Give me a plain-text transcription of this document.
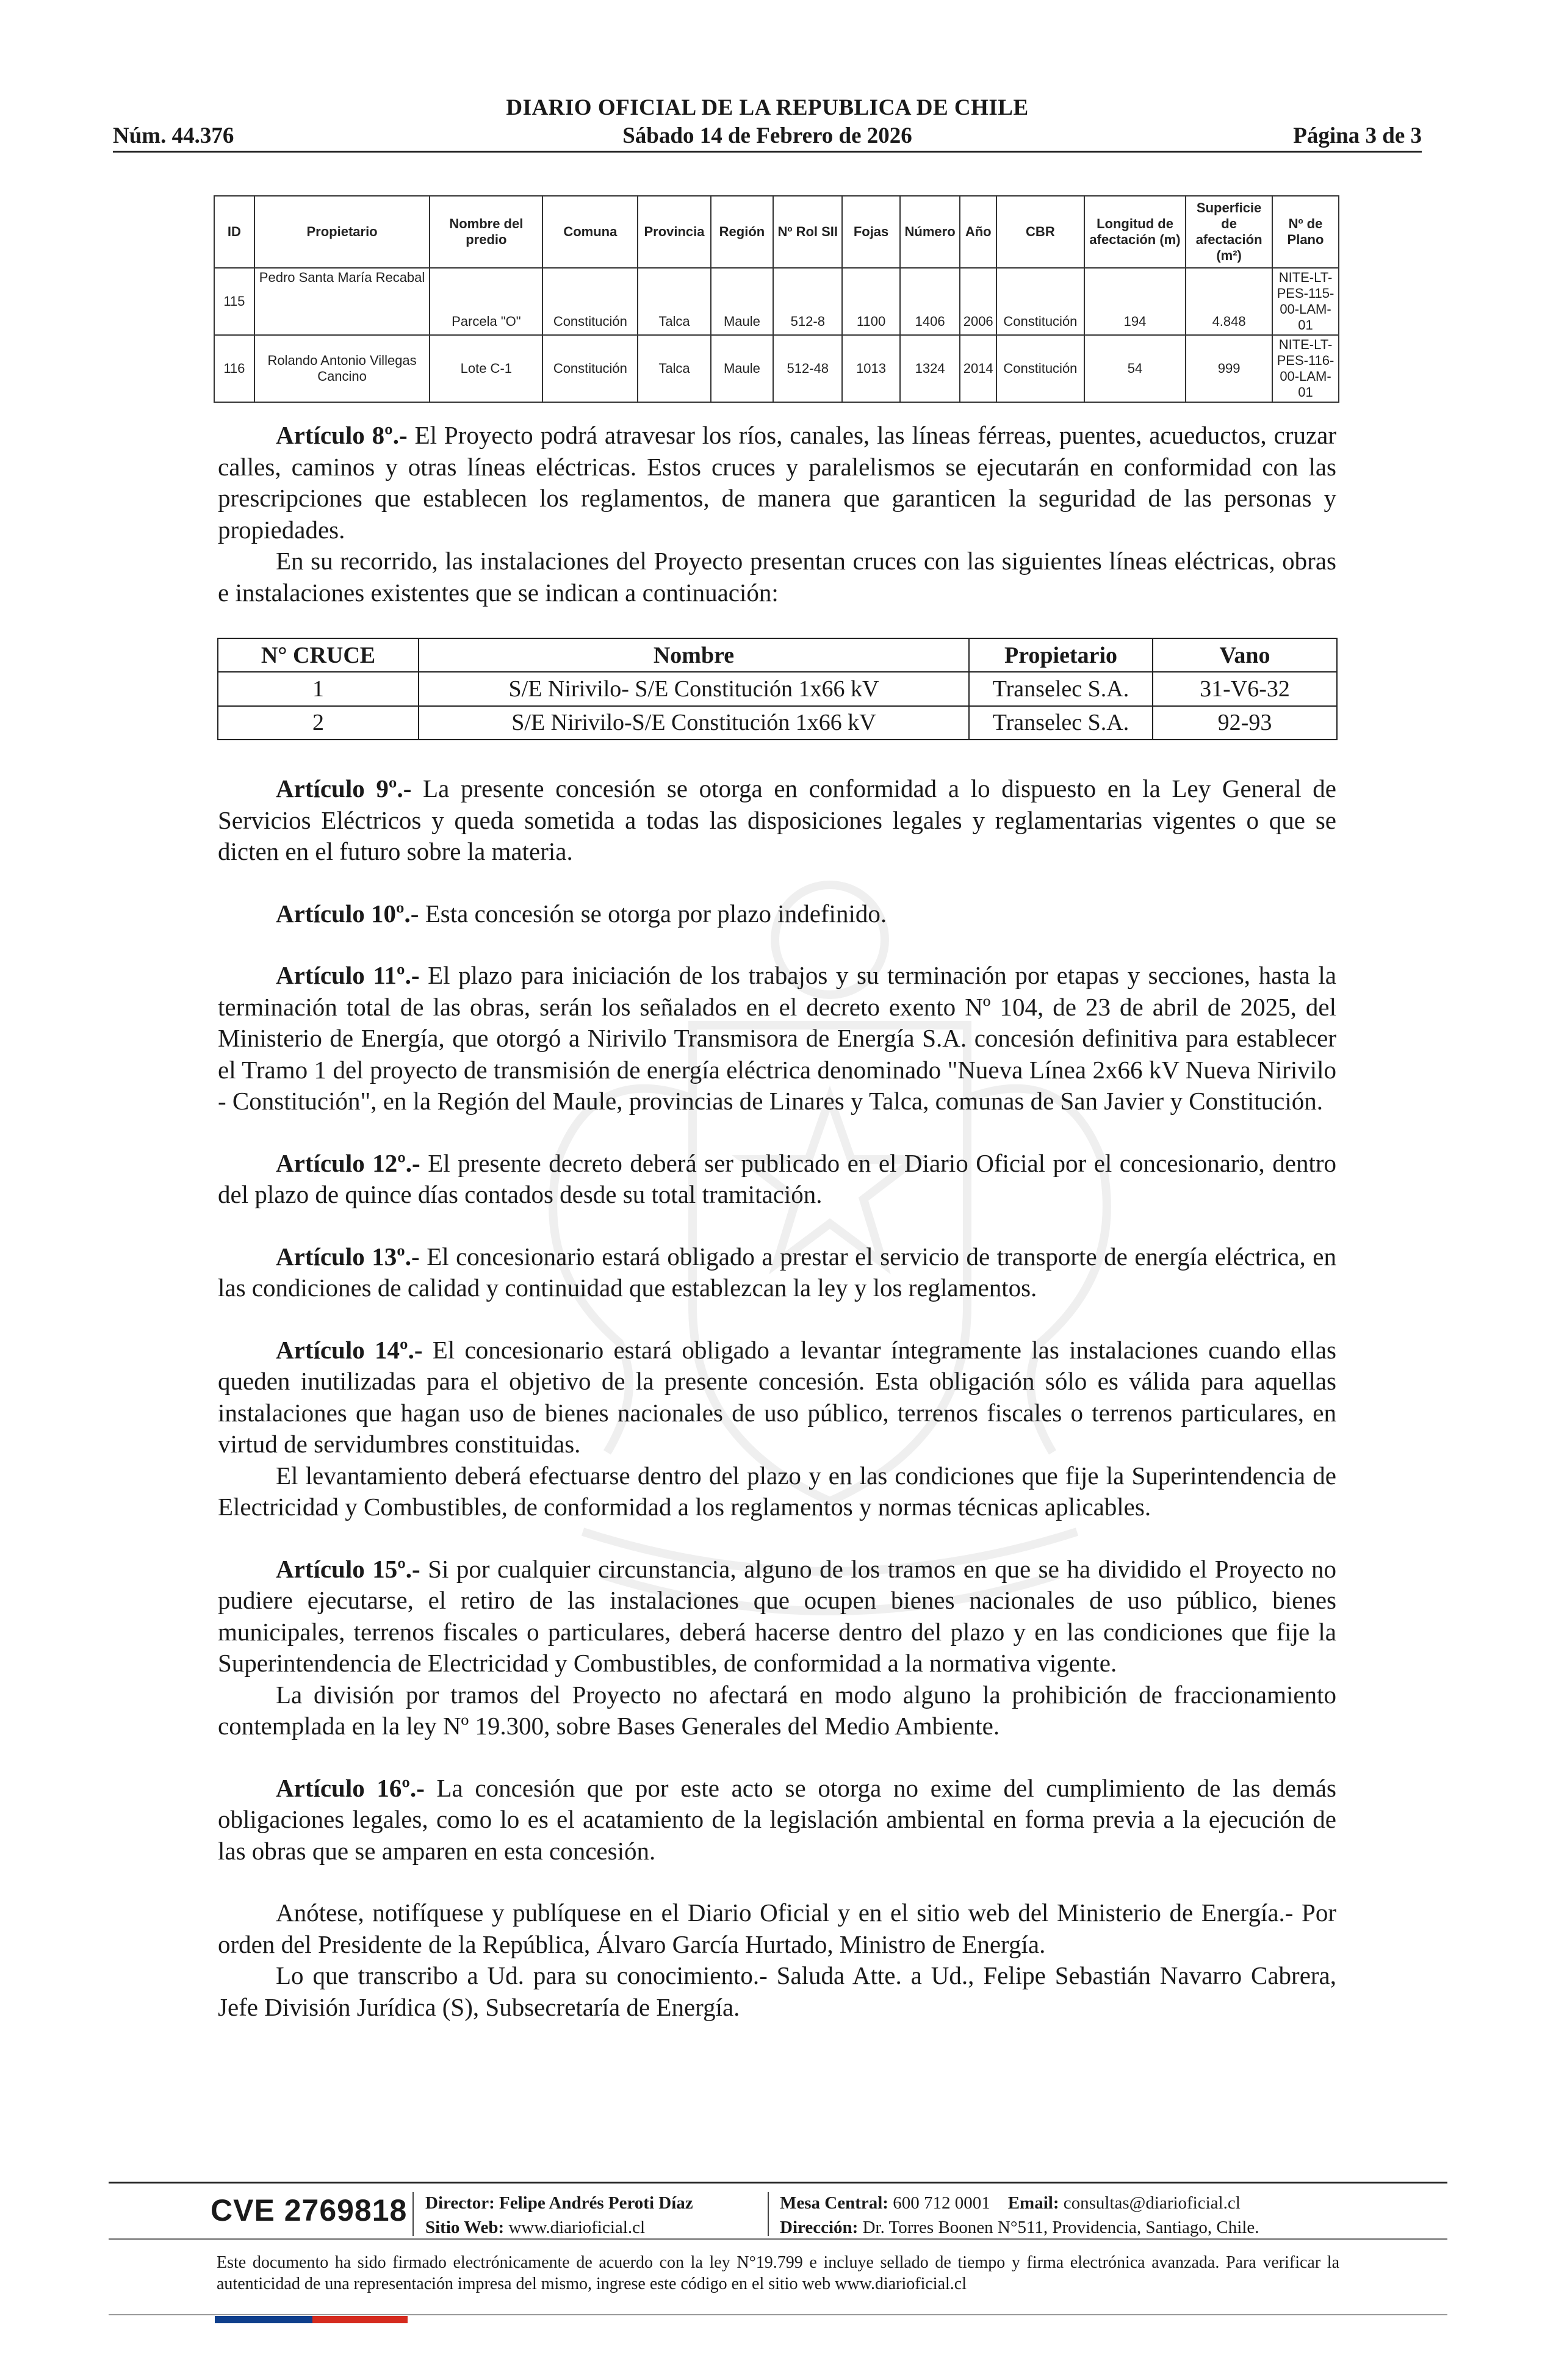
DIARIO OFICIAL DE LA REPUBLICA DE CHILE
Núm. 44.376	Sábado 14 de Febrero de 2026	Página 3 de 3
ID	Propietario	Nombre del predio	Comuna	Provincia	Región	Nº Rol SII	Fojas	Número	Año	CBR	Longitud de afectación (m)	Superficie de afectación (m²)	Nº de Plano
115	Pedro Santa María Recabal	Parcela "O"	Constitución	Talca	Maule	512-8	1100	1406	2006	Constitución	194	4.848	NITE-LT-PES-115-00-LAM-01
116	Rolando Antonio Villegas Cancino	Lote C-1	Constitución	Talca	Maule	512-48	1013	1324	2014	Constitución	54	999	NITE-LT-PES-116-00-LAM-01

Artículo 8º.- El Proyecto podrá atravesar los ríos, canales, las líneas férreas, puentes, acueductos, cruzar calles, caminos y otras líneas eléctricas. Estos cruces y paralelismos se ejecutarán en conformidad con las prescripciones que establecen los reglamentos, de manera que garanticen la seguridad de las personas y propiedades.

En su recorrido, las instalaciones del Proyecto presentan cruces con las siguientes líneas eléctricas, obras e instalaciones existentes que se indican a continuación:

N° CRUCE	Nombre	Propietario	Vano
1	S/E Nirivilo- S/E Constitución 1x66 kV	Transelec S.A.	31-V6-32
2	S/E Nirivilo-S/E Constitución 1x66 kV	Transelec S.A.	92-93

Artículo 9º.- La presente concesión se otorga en conformidad a lo dispuesto en la Ley General de Servicios Eléctricos y queda sometida a todas las disposiciones legales y reglamentarias vigentes o que se dicten en el futuro sobre la materia.

Artículo 10º.- Esta concesión se otorga por plazo indefinido.

Artículo 11º.- El plazo para iniciación de los trabajos y su terminación por etapas y secciones, hasta la terminación total de las obras, serán los señalados en el decreto exento Nº 104, de 23 de abril de 2025, del Ministerio de Energía, que otorgó a Nirivilo Transmisora de Energía S.A. concesión definitiva para establecer el Tramo 1 del proyecto de transmisión de energía eléctrica denominado "Nueva Línea 2x66 kV Nueva Nirivilo - Constitución", en la Región del Maule, provincias de Linares y Talca, comunas de San Javier y Constitución.

Artículo 12º.- El presente decreto deberá ser publicado en el Diario Oficial por el concesionario, dentro del plazo de quince días contados desde su total tramitación.

Artículo 13º.- El concesionario estará obligado a prestar el servicio de transporte de energía eléctrica, en las condiciones de calidad y continuidad que establezcan la ley y los reglamentos.

Artículo 14º.- El concesionario estará obligado a levantar íntegramente las instalaciones cuando ellas queden inutilizadas para el objetivo de la presente concesión. Esta obligación sólo es válida para aquellas instalaciones que hagan uso de bienes nacionales de uso público, terrenos fiscales o terrenos particulares, en virtud de servidumbres constituidas.

El levantamiento deberá efectuarse dentro del plazo y en las condiciones que fije la Superintendencia de Electricidad y Combustibles, de conformidad a los reglamentos y normas técnicas aplicables.

Artículo 15º.- Si por cualquier circunstancia, alguno de los tramos en que se ha dividido el Proyecto no pudiere ejecutarse, el retiro de las instalaciones que ocupen bienes nacionales de uso público, bienes municipales, terrenos fiscales o particulares, deberá hacerse dentro del plazo y en las condiciones que fije la Superintendencia de Electricidad y Combustibles, de conformidad a la normativa vigente.

La división por tramos del Proyecto no afectará en modo alguno la prohibición de fraccionamiento contemplada en la ley Nº 19.300, sobre Bases Generales del Medio Ambiente.

Artículo 16º.- La concesión que por este acto se otorga no exime del cumplimiento de las demás obligaciones legales, como lo es el acatamiento de la legislación ambiental en forma previa a la ejecución de las obras que se amparen en esta concesión.

Anótese, notifíquese y publíquese en el Diario Oficial y en el sitio web del Ministerio de Energía.- Por orden del Presidente de la República, Álvaro García Hurtado, Ministro de Energía.

Lo que transcribo a Ud. para su conocimiento.- Saluda Atte. a Ud., Felipe Sebastián Navarro Cabrera, Jefe División Jurídica (S), Subsecretaría de Energía.

CVE 2769818 Director: Felipe Andrés Peroti Díaz
Sitio Web: www.diarioficial.cl
Mesa Central: 600 712 0001 Email: consultas@diarioficial.cl
Dirección: Dr. Torres Boonen N°511, Providencia, Santiago, Chile.
Este documento ha sido firmado electrónicamente de acuerdo con la ley N°19.799 e incluye sellado de tiempo y firma electrónica avanzada. Para verificar la autenticidad de una representación impresa del mismo, ingrese este código en el sitio web www.diarioficial.cl
